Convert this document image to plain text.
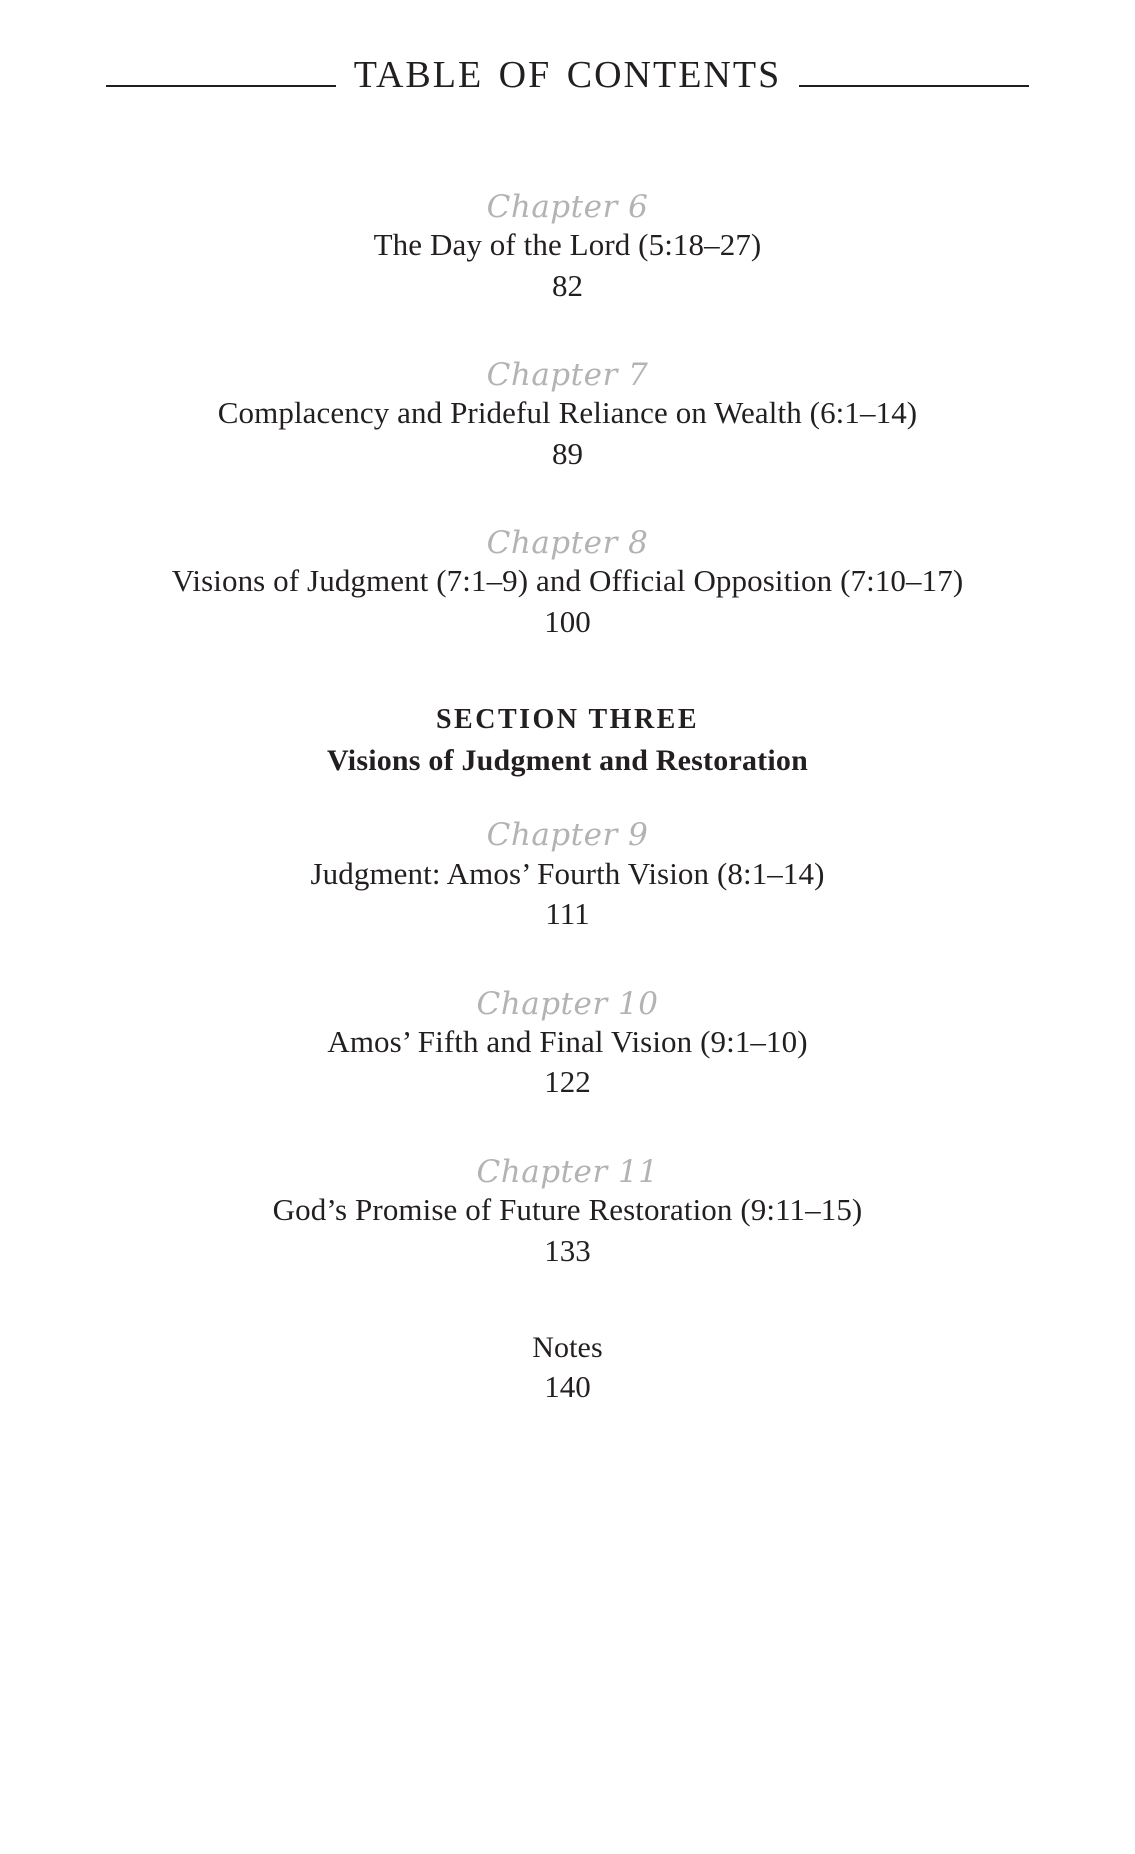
table of contents
Chapter 6
The Day of the Lord (5:18–27)
82
Chapter 7
Complacency and Prideful Reliance on Wealth (6:1–14)
89
Chapter 8
Visions of Judgment (7:1–9) and Official Opposition (7:10–17)
100
SECTION THREE
Visions of Judgment and Restoration
Chapter 9
Judgment: Amos’ Fourth Vision (8:1–14)
111
Chapter 10
Amos’ Fifth and Final Vision (9:1–10)
122
Chapter 11
God’s Promise of Future Restoration (9:11–15)
133
Notes
140
